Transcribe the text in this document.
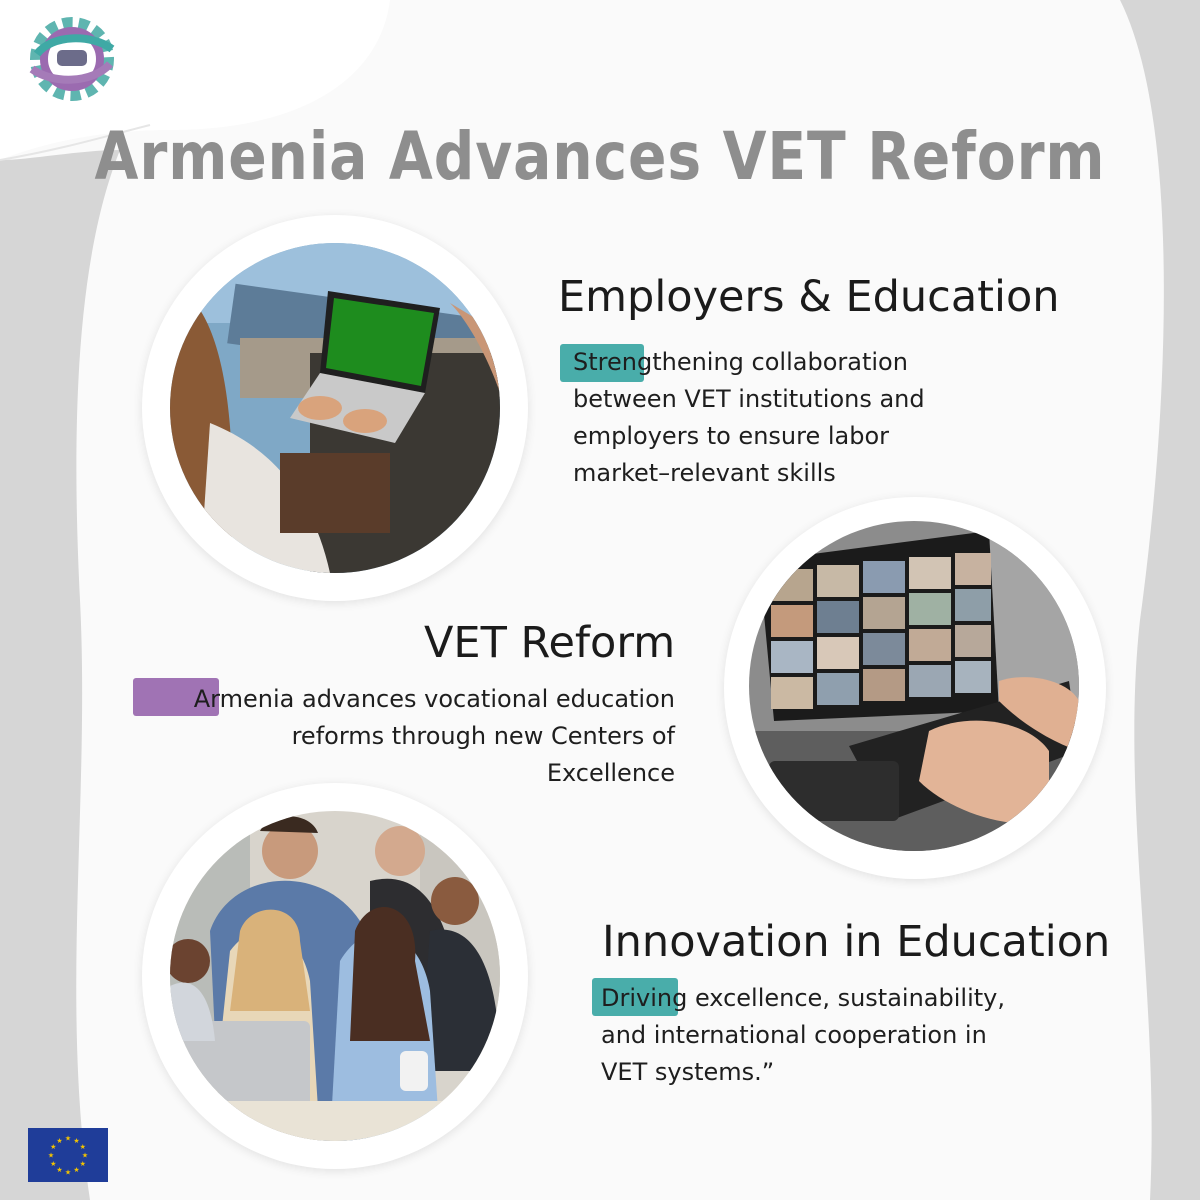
Armenia Advances VET Reform
Employers & Education
Strengthening collaboration
between VET institutions and
employers to ensure labor
market–relevant skills
VET Reform
Armenia advances vocational education
reforms through new Centers of
Excellence
Innovation in Education
Driving excellence, sustainability,
and international cooperation in
VET systems.”
★
★
★
★
★
★
★
★
★ ★ ★
★
